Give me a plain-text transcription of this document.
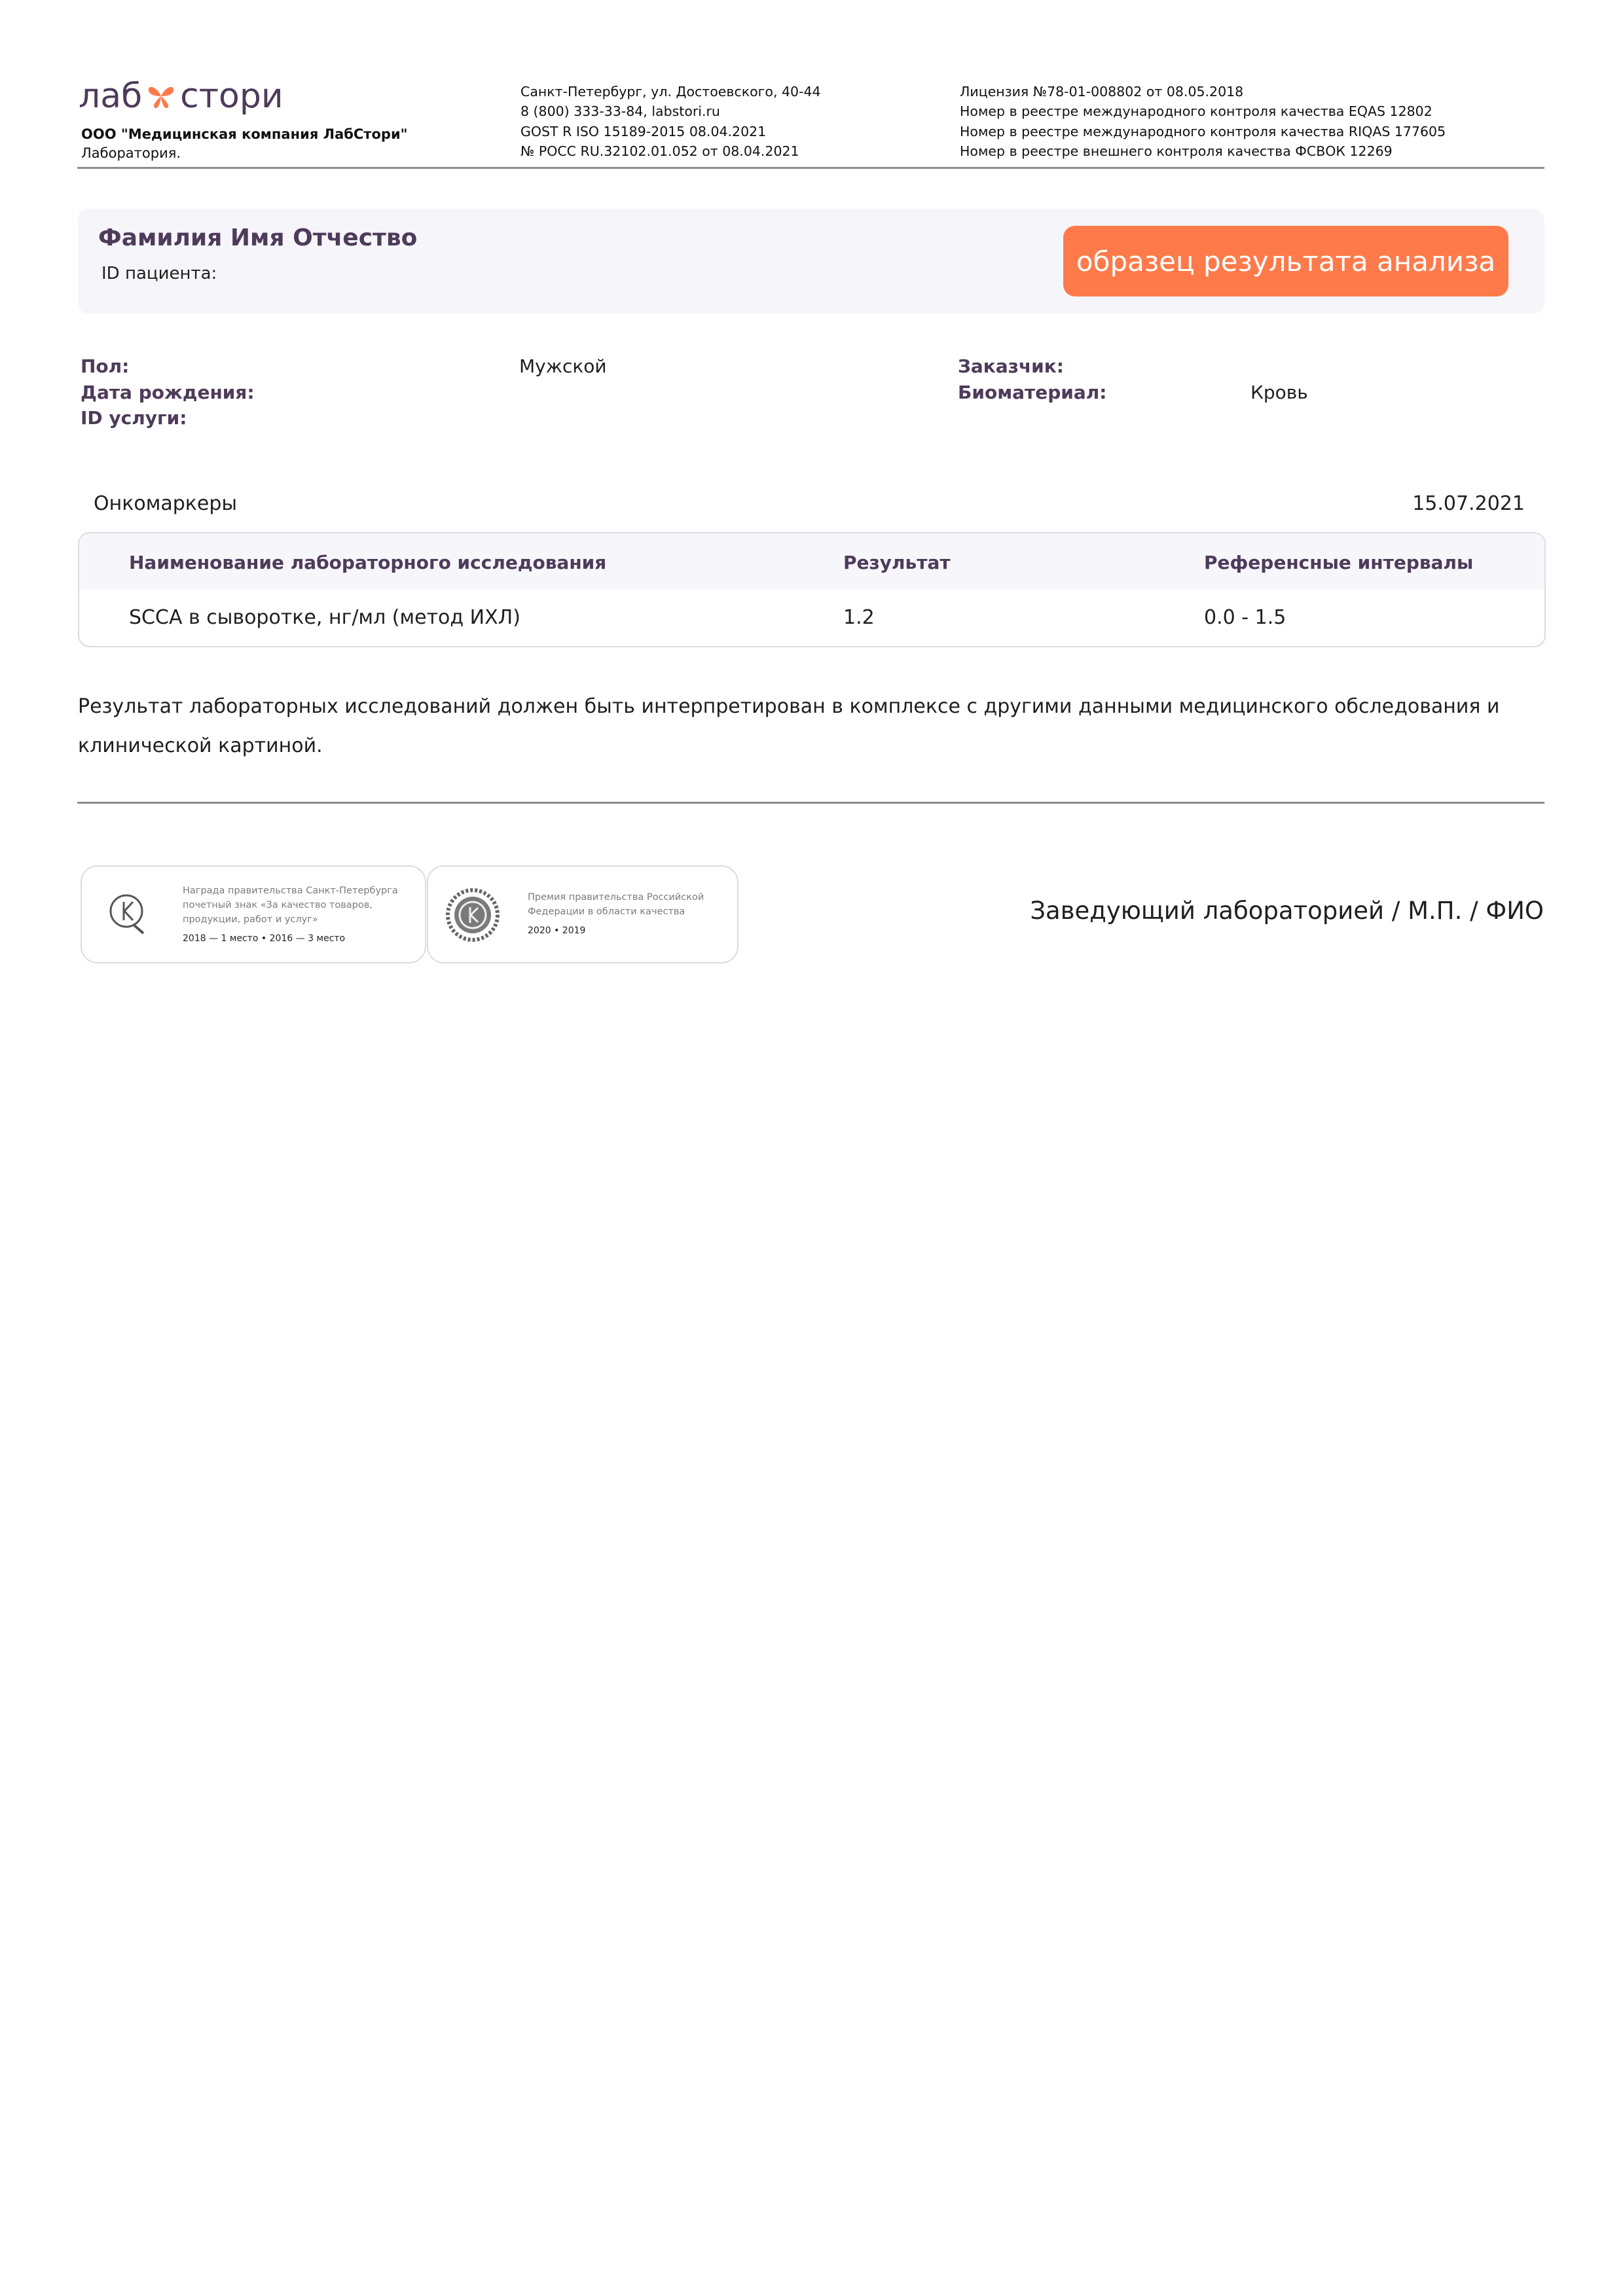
лаб стори
ООО "Медицинская компания ЛабСтори"
Лаборатория.
Санкт-Петербург, ул. Достоевского, 40-44
8 (800) 333-33-84, labstori.ru
GOST R ISO 15189-2015 08.04.2021
№ РОСС RU.32102.01.052 от 08.04.2021
Лицензия №78-01-008802 от 08.05.2018
Номер в реестре международного контроля качества EQAS 12802
Номер в реестре международного контроля качества RIQAS 177605
Номер в реестре внешнего контроля качества ФСВОК 12269
Фамилия Имя Отчество
ID пациента:	образец результата анализа
Пол:	Мужской
Дата рождения:
ID услуги:
Заказчик:
Биоматериал:	Кровь
Онкомаркеры	15.07.2021
Наименование лабораторного исследования	Результат	Референсные интервалы
SCCA в сыворотке, нг/мл (метод ИХЛ)	1.2	0.0 - 1.5
Результат лабораторных исследований должен быть интерпретирован в комплексе с другими данными медицинского обследования и клинической картиной.
Награда правительства Санкт-Петербурга
почетный знак «За качество товаров,
продукции, работ и услуг»
2018 — 1 место • 2016 — 3 место
Премия правительства Российской
Федерации в области качества
2020 • 2019
Заведующий лабораторией / М.П. / ФИО
